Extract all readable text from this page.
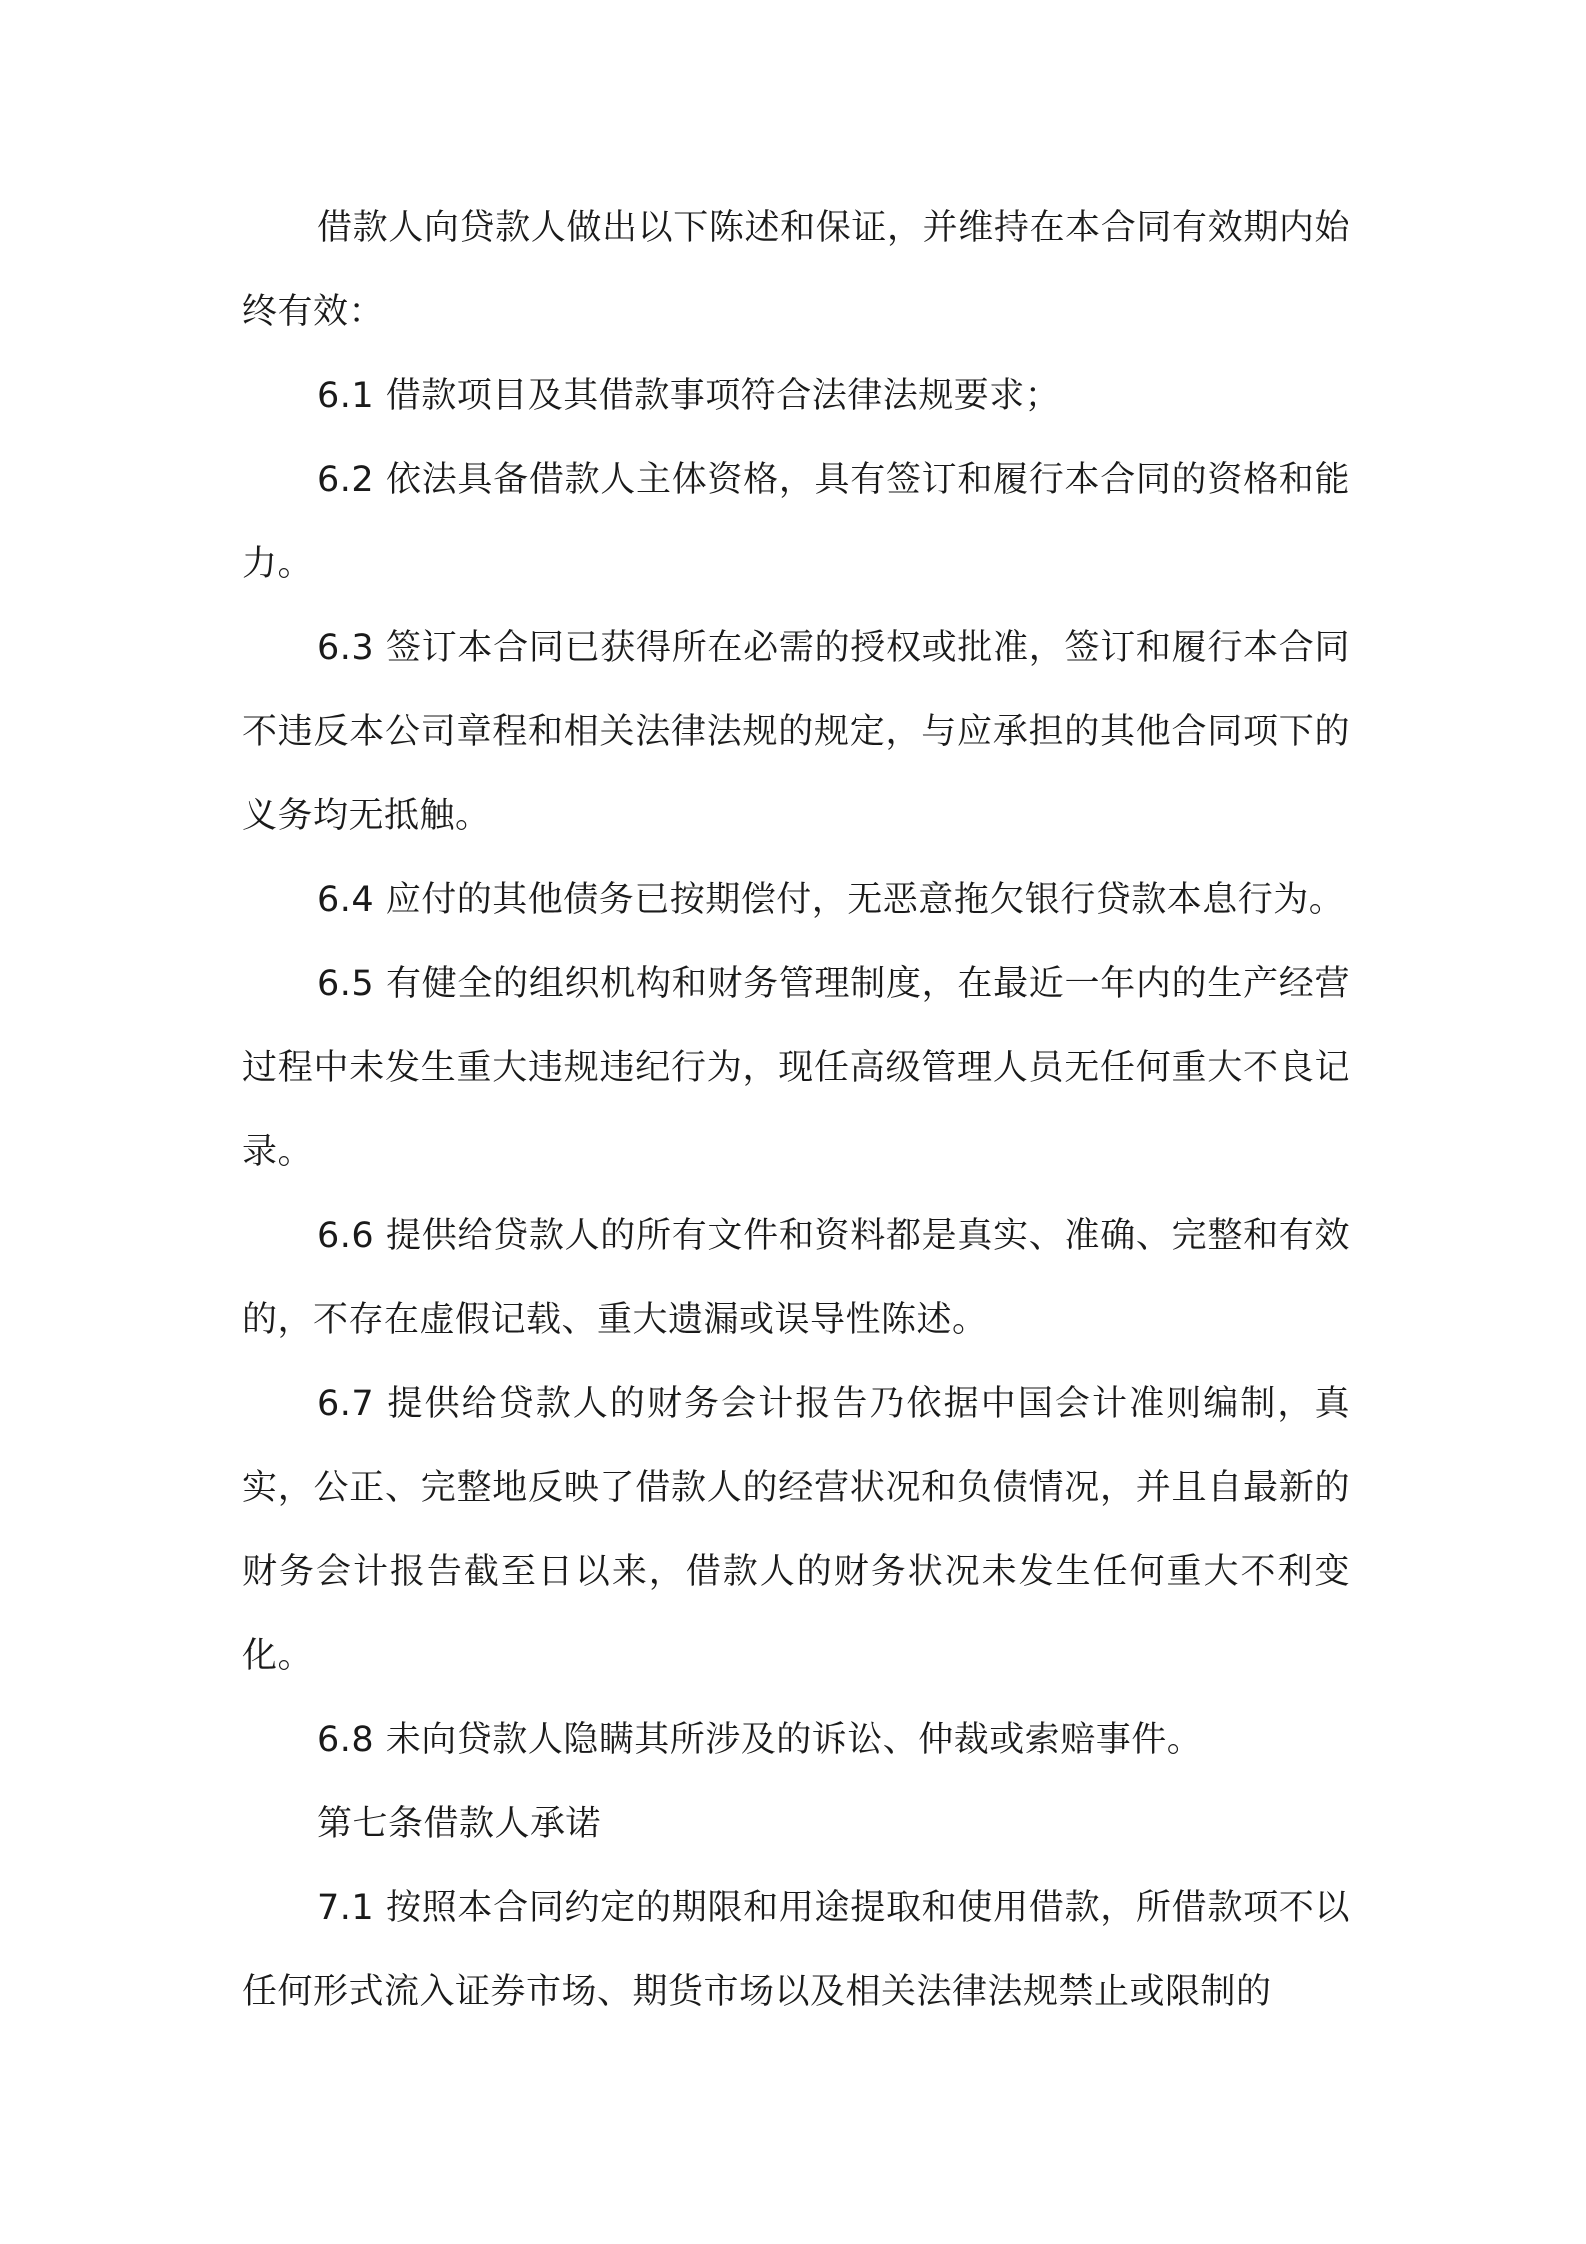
借款人向贷款人做出以下陈述和保证，并维持在本合同有效期内始终有效：

6.1 借款项目及其借款事项符合法律法规要求；

6.2 依法具备借款人主体资格，具有签订和履行本合同的资格和能力。

6.3 签订本合同已获得所在必需的授权或批准，签订和履行本合同不违反本公司章程和相关法律法规的规定，与应承担的其他合同项下的义务均无抵触。

6.4 应付的其他债务已按期偿付，无恶意拖欠银行贷款本息行为。

6.5 有健全的组织机构和财务管理制度，在最近一年内的生产经营过程中未发生重大违规违纪行为，现任高级管理人员无任何重大不良记录。

6.6 提供给贷款人的所有文件和资料都是真实、准确、完整和有效的，不存在虚假记载、重大遗漏或误导性陈述。

6.7 提供给贷款人的财务会计报告乃依据中国会计准则编制，真实，公正、完整地反映了借款人的经营状况和负债情况，并且自最新的财务会计报告截至日以来，借款人的财务状况未发生任何重大不利变化。

6.8 未向贷款人隐瞒其所涉及的诉讼、仲裁或索赔事件。

第七条借款人承诺

7.1 按照本合同约定的期限和用途提取和使用借款，所借款项不以任何形式流入证券市场、期货市场以及相关法律法规禁止或限制的
